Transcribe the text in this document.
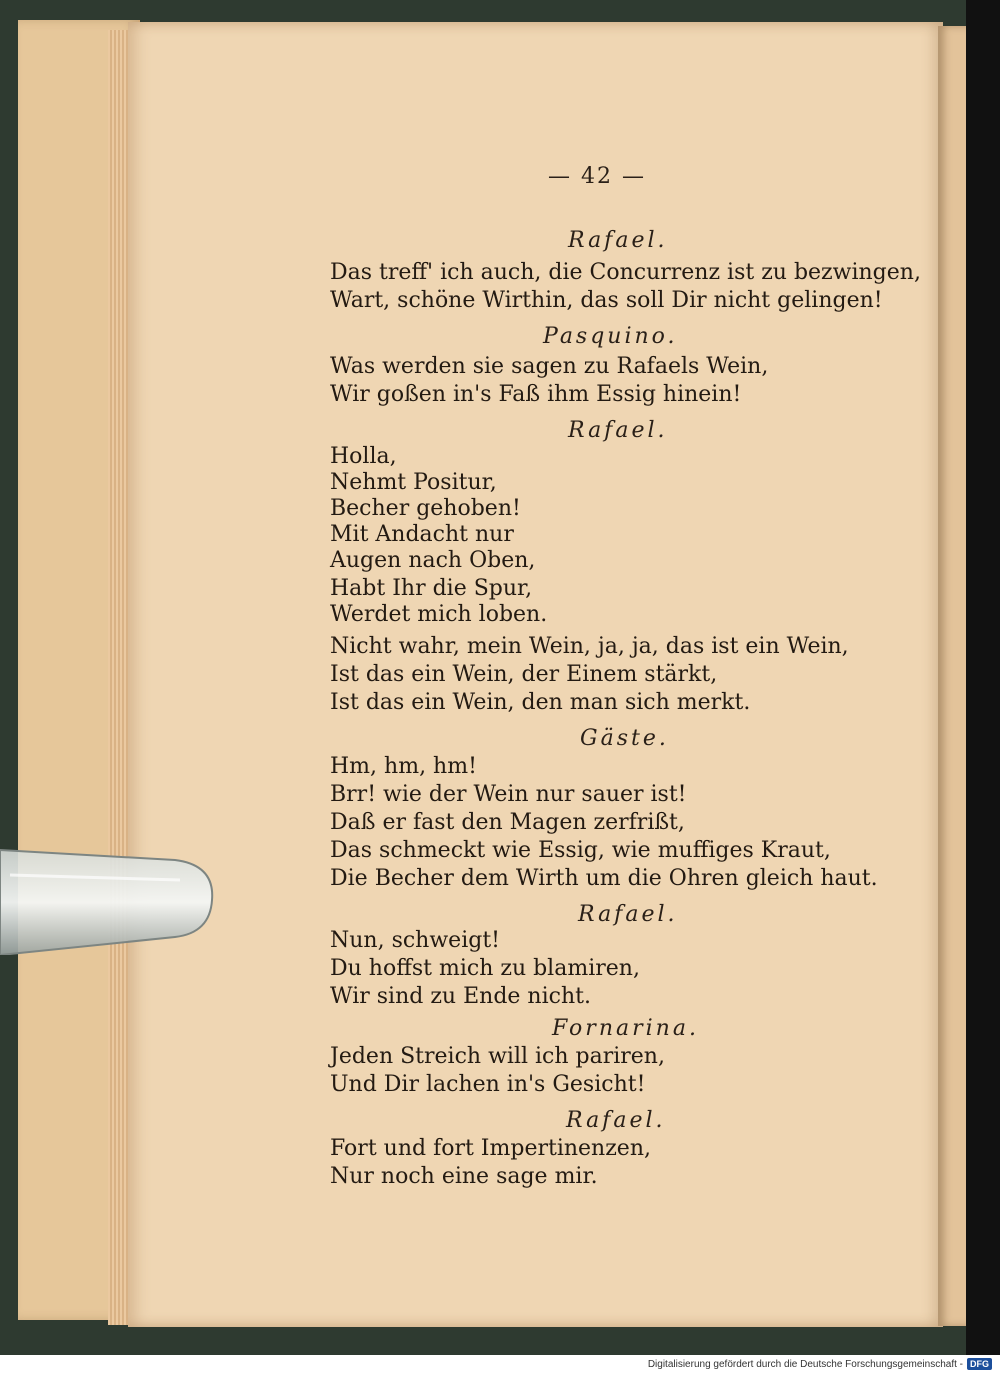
— 42 —
Rafael.
Das treff' ich auch, die Concurrenz ist zu bezwingen,
Wart, schöne Wirthin, das soll Dir nicht gelingen!
Pasquino.
Was werden sie sagen zu Rafaels Wein,
Wir goßen in's Faß ihm Essig hinein!
Rafael.
Holla,
Nehmt Positur,
Becher gehoben!
Mit Andacht nur
Augen nach Oben,
Habt Ihr die Spur,
Werdet mich loben.
Nicht wahr, mein Wein, ja, ja, das ist ein Wein,
Ist das ein Wein, der Einem stärkt,
Ist das ein Wein, den man sich merkt.
Gäste.
Hm, hm, hm!
Brr! wie der Wein nur sauer ist!
Daß er fast den Magen zerfrißt,
Das schmeckt wie Essig, wie muffiges Kraut,
Die Becher dem Wirth um die Ohren gleich haut.
Rafael.
Nun, schweigt!
Du hoffst mich zu blamiren,
Wir sind zu Ende nicht.
Fornarina.
Jeden Streich will ich pariren,
Und Dir lachen in's Gesicht!
Rafael.
Fort und fort Impertinenzen,
Nur noch eine sage mir.
Digitalisierung gefördert durch die Deutsche Forschungsgemeinschaft - DFG
